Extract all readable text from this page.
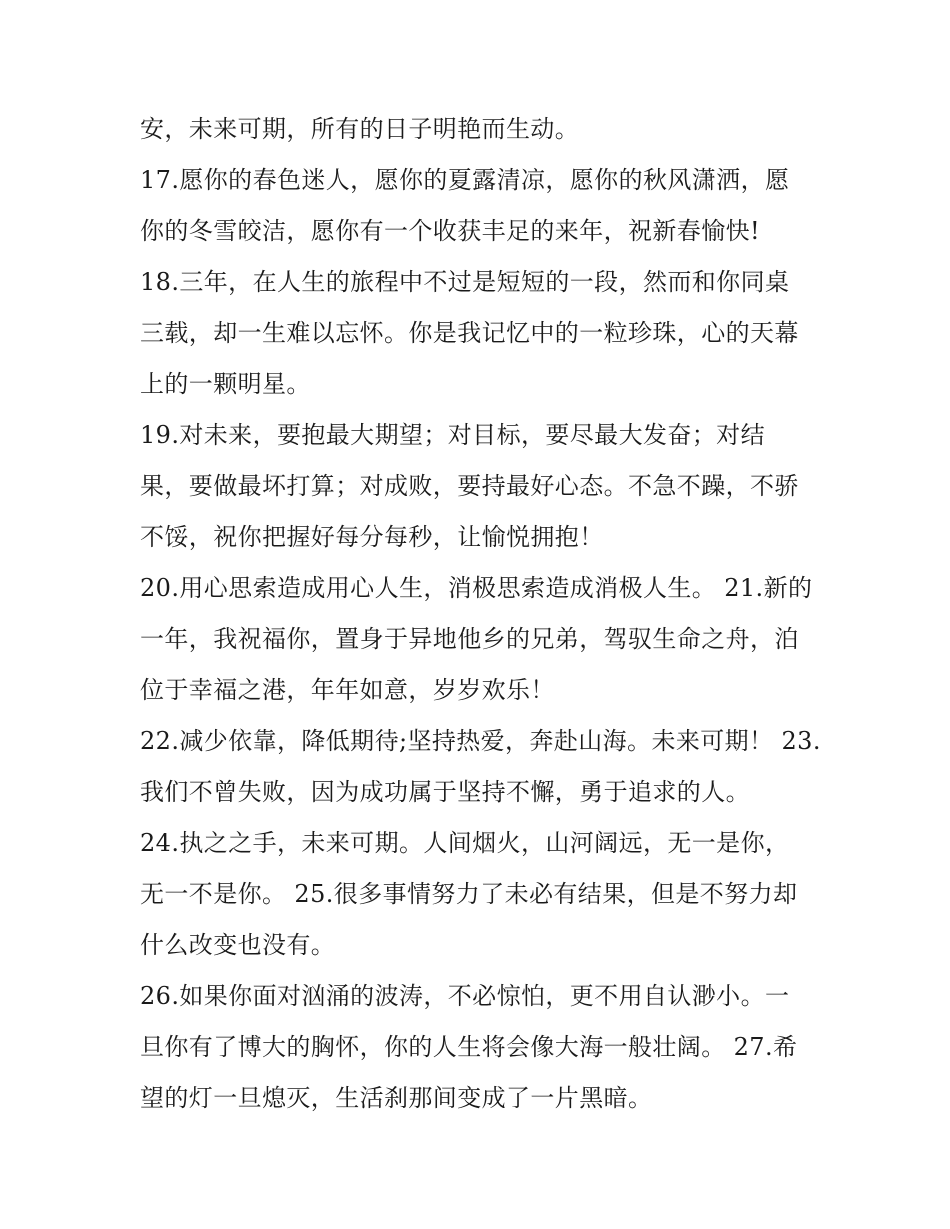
安，未来可期，所有的日子明艳而生动。
17.愿你的春色迷人，愿你的夏露清凉，愿你的秋风潇洒，愿
你的冬雪皎洁，愿你有一个收获丰足的来年，祝新春愉快!
18.三年，在人生的旅程中不过是短短的一段，然而和你同桌
三载，却一生难以忘怀。你是我记忆中的一粒珍珠，心的天幕
上的一颗明星。
19.对未来，要抱最大期望；对目标，要尽最大发奋；对结
果，要做最坏打算；对成败，要持最好心态。不急不躁，不骄
不馁，祝你把握好每分每秒，让愉悦拥抱！
20.用心思索造成用心人生，消极思索造成消极人生。 21.新的
一年，我祝福你，置身于异地他乡的兄弟，驾驭生命之舟，泊
位于幸福之港，年年如意，岁岁欢乐！
22.减少依靠，降低期待;坚持热爱，奔赴山海。未来可期！ 23.
我们不曾失败，因为成功属于坚持不懈，勇于追求的人。
24.执之之手，未来可期。人间烟火，山河阔远，无一是你，
无一不是你。 25.很多事情努力了未必有结果，但是不努力却
什么改变也没有。
26.如果你面对汹涌的波涛，不必惊怕，更不用自认渺小。一
旦你有了博大的胸怀，你的人生将会像大海一般壮阔。 27.希
望的灯一旦熄灭，生活刹那间变成了一片黑暗。
